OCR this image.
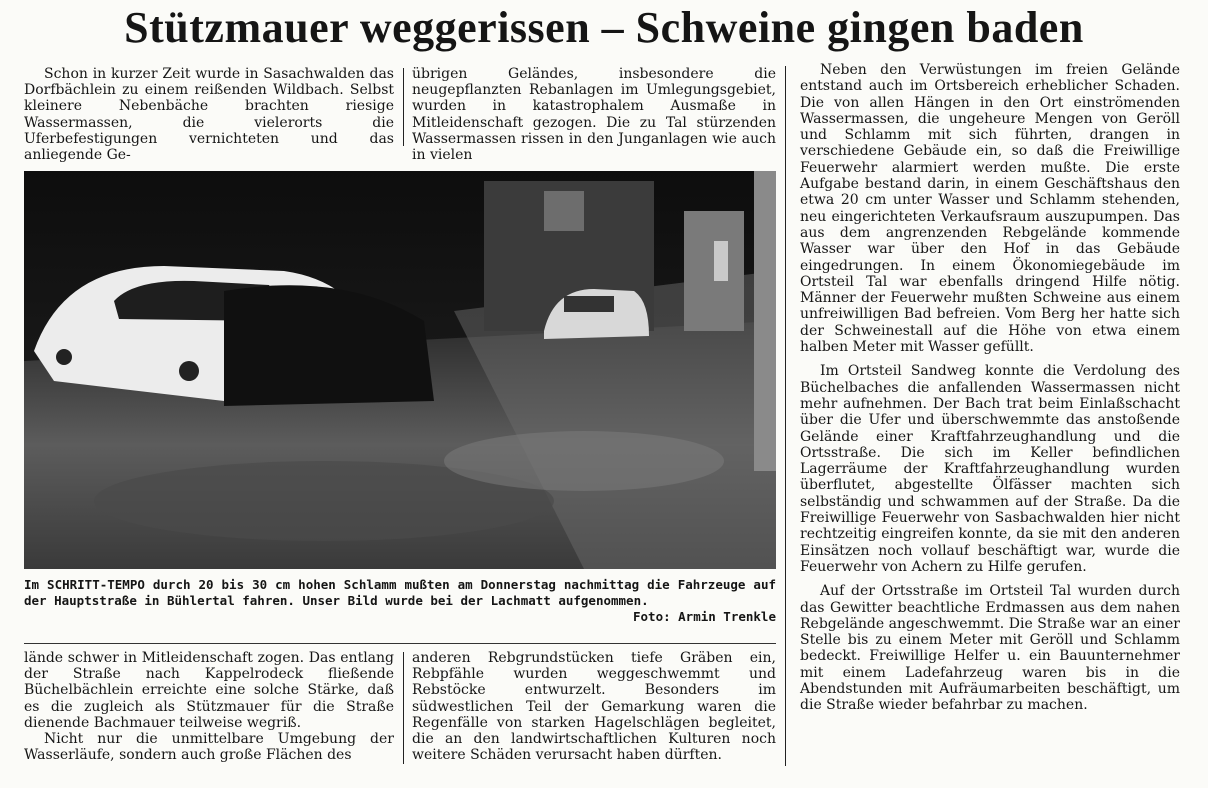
Stützmauer weggerissen – Schweine gingen baden

Schon in kurzer Zeit wurde in Sasachwalden das Dorfbächlein zu einem reißenden Wildbach. Selbst kleinere Nebenbäche brachten riesige Wassermassen, die vielerorts die Uferbefestigungen vernichteten und das anliegende Ge-

übrigen Geländes, insbesondere die neugepflanzten Rebanlagen im Umlegungsgebiet, wurden in katastrophalem Ausmaße in Mitleidenschaft gezogen. Die zu Tal stürzenden Wassermassen rissen in den Junganlagen wie auch in vielen

Im SCHRITT-TEMPO durch 20 bis 30 cm hohen Schlamm mußten am Donnerstag nachmittag die Fahrzeuge auf der Hauptstraße in Bühlertal fahren. Unser Bild wurde bei der Lachmatt aufgenommen.
Foto: Armin Trenkle

lände schwer in Mitleidenschaft zogen. Das entlang der Straße nach Kappelrodeck fließende Büchelbächlein erreichte eine solche Stärke, daß es die zugleich als Stützmauer für die Straße dienende Bachmauer teilweise wegriß.

Nicht nur die unmittelbare Umgebung der Wasserläufe, sondern auch große Flächen des

anderen Rebgrundstücken tiefe Gräben ein, Rebpfähle wurden weggeschwemmt und Rebstöcke entwurzelt. Besonders im südwestlichen Teil der Gemarkung waren die Regenfälle von starken Hagelschlägen begleitet, die an den landwirtschaftlichen Kulturen noch weitere Schäden verursacht haben dürften.

Neben den Verwüstungen im freien Gelände entstand auch im Ortsbereich erheblicher Schaden. Die von allen Hängen in den Ort einströmenden Wassermassen, die ungeheure Mengen von Geröll und Schlamm mit sich führten, drangen in verschiedene Gebäude ein, so daß die Freiwillige Feuerwehr alarmiert werden mußte. Die erste Aufgabe bestand darin, in einem Geschäftshaus den etwa 20 cm unter Wasser und Schlamm stehenden, neu eingerichteten Verkaufsraum auszupumpen. Das aus dem angrenzenden Rebgelände kommende Wasser war über den Hof in das Gebäude eingedrungen. In einem Ökonomiegebäude im Ortsteil Tal war ebenfalls dringend Hilfe nötig. Männer der Feuerwehr mußten Schweine aus einem unfreiwilligen Bad befreien. Vom Berg her hatte sich der Schweinestall auf die Höhe von etwa einem halben Meter mit Wasser gefüllt.

Im Ortsteil Sandweg konnte die Verdolung des Büchelbaches die anfallenden Wassermassen nicht mehr aufnehmen. Der Bach trat beim Einlaßschacht über die Ufer und überschwemmte das anstoßende Gelände einer Kraftfahrzeughandlung und die Ortsstraße. Die sich im Keller befindlichen Lagerräume der Kraftfahrzeughandlung wurden überflutet, abgestellte Ölfässer machten sich selbständig und schwammen auf der Straße. Da die Freiwillige Feuerwehr von Sasbachwalden hier nicht rechtzeitig eingreifen konnte, da sie mit den anderen Einsätzen noch vollauf beschäftigt war, wurde die Feuerwehr von Achern zu Hilfe gerufen.

Auf der Ortsstraße im Ortsteil Tal wurden durch das Gewitter beachtliche Erdmassen aus dem nahen Rebgelände angeschwemmt. Die Straße war an einer Stelle bis zu einem Meter mit Geröll und Schlamm bedeckt. Freiwillige Helfer u. ein Bauunternehmer mit einem Ladefahrzeug waren bis in die Abendstunden mit Aufräumarbeiten beschäftigt, um die Straße wieder befahrbar zu machen.
